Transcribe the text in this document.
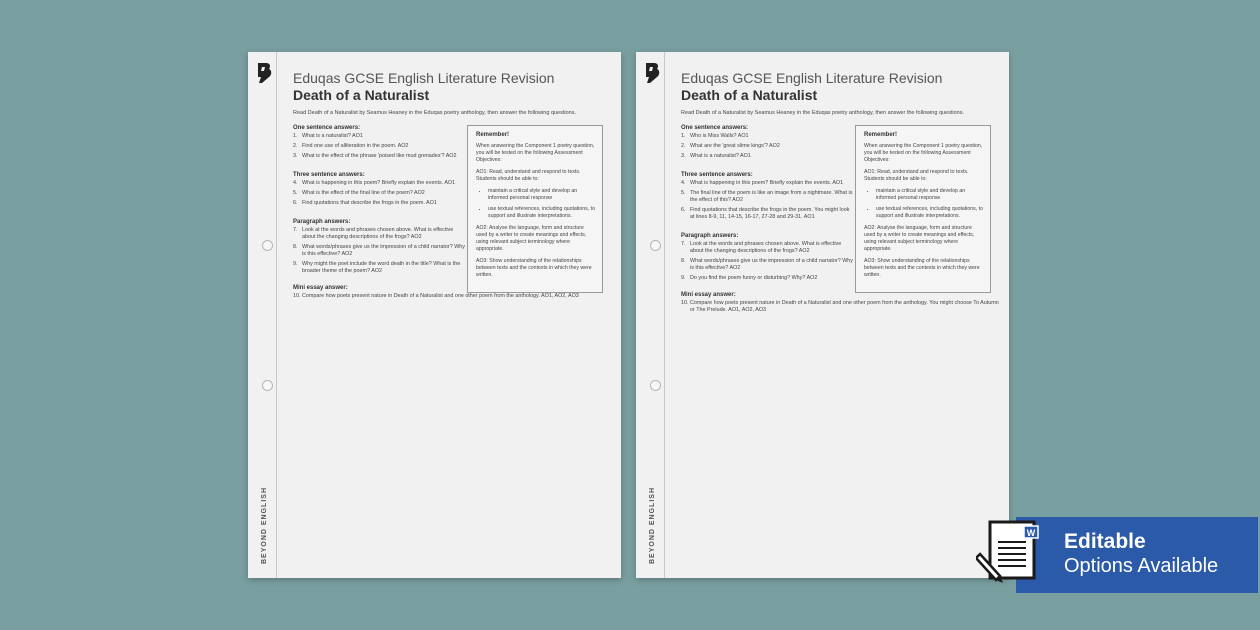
BEYOND ENGLISH

Eduqas GCSE English Literature Revision

Death of a Naturalist

Read Death of a Naturalist by Seamus Heaney in the Eduqas poetry anthology, then answer the following questions.
One sentence answers:
1. What is a naturalist? AO1
2. Find one use of alliteration in the poem. AO2
3. What is the effect of the phrase 'poised like mud grenades'? AO2
Three sentence answers:
4. What is happening in this poem? Briefly explain the events. AO1
5. What is the effect of the final line of the poem? AO2
6. Find quotations that describe the frogs in the poem. AO1
Paragraph answers:
7. Look at the words and phrases chosen above. What is effective about the changing descriptions of the frogs? AO2
8. What words/phrases give us the impression of a child narrator? Why is this effective? AO2
9. Why might the poet include the word death in the title? What is the broader theme of the poem? AO2
Remember!

When answering the Component 1 poetry question, you will be tested on the following Assessment Objectives:

AO1: Read, understand and respond to texts. Students should be able to:

• maintain a critical style and develop an informed personal response
• use textual references, including quotations, to support and illustrate interpretations.

AO2: Analyse the language, form and structure used by a writer to create meanings and effects, using relevant subject terminology where appropriate.

AO3: Show understanding of the relationships between texts and the contexts in which they were written.

Mini essay answer:
10. Compare how poets present nature in Death of a Naturalist and one other poem from the anthology. AO1, AO2, AO3
BEYOND ENGLISH

Eduqas GCSE English Literature Revision

Death of a Naturalist

Read Death of a Naturalist by Seamus Heaney in the Eduqas poetry anthology, then answer the following questions.
One sentence answers:
1. Who is Miss Walls? AO1
2. What are the 'great slime kings'? AO2
3. What is a naturalist? AO1
Three sentence answers:
4. What is happening in this poem? Briefly explain the events. AO1
5. The final line of the poem is like an image from a nightmare. What is the effect of this? AO2
6. Find quotations that describe the frogs in the poem. You might look at lines 8-9, 11, 14-15, 16-17, 27-28 and 29-31. AO1
Paragraph answers:
7. Look at the words and phrases chosen above. What is effective about the changing descriptions of the frogs? AO2
8. What words/phrases give us the impression of a child narrator? Why is this effective? AO2
9. Do you find the poem funny or disturbing? Why? AO2
Remember!

When answering the Component 1 poetry question, you will be tested on the following Assessment Objectives:

AO1: Read, understand and respond to texts. Students should be able to:

• maintain a critical style and develop an informed personal response
• use textual references, including quotations, to support and illustrate interpretations.

AO2: Analyse the language, form and structure used by a writer to create meanings and effects, using relevant subject terminology where appropriate.

AO3: Show understanding of the relationships between texts and the contexts in which they were written.

Mini essay answer:
10. Compare how poets present nature in Death of a Naturalist and one other poem from the anthology. You might choose To Autumn or The Prelude. AO1, AO2, AO3
Editable
Options Available
W
